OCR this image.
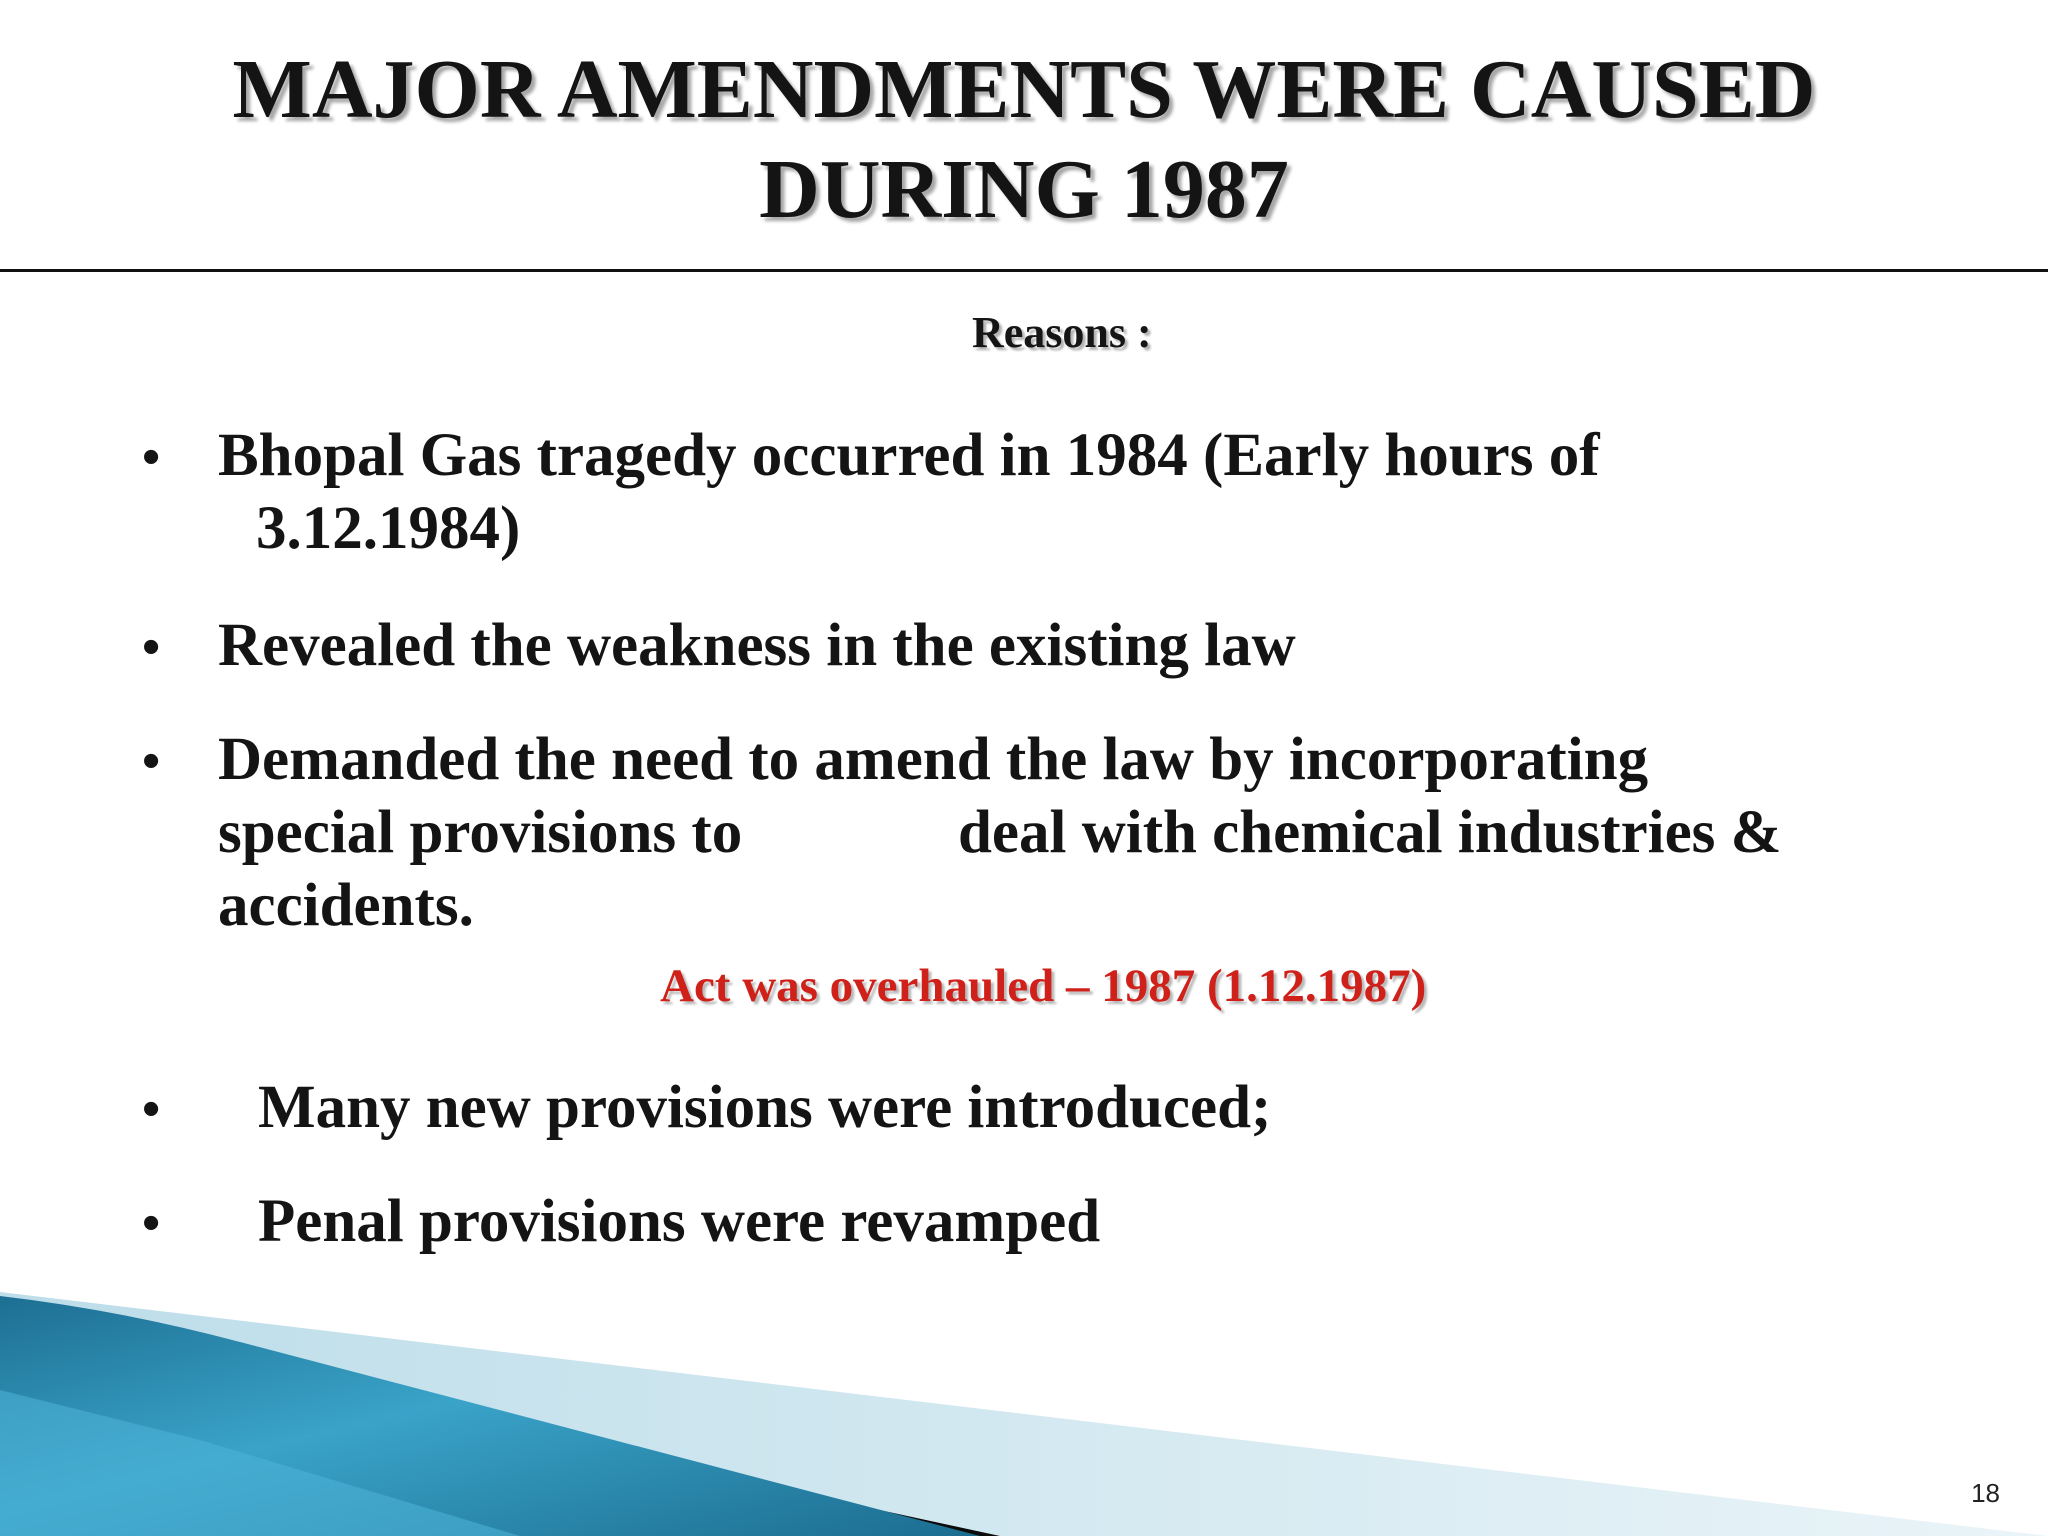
MAJOR AMENDMENTS WERE CAUSED
DURING 1987
Reasons :
• Bhopal Gas tragedy occurred in 1984 (Early hours of
3.12.1984)
• Revealed the weakness in the existing law
• Demanded the need to amend the law by incorporating
special provisions to	deal with chemical industries &
accidents.
Act was overhauled – 1987 (1.12.1987)
• Many new provisions were introduced;
• Penal provisions were revamped
18
